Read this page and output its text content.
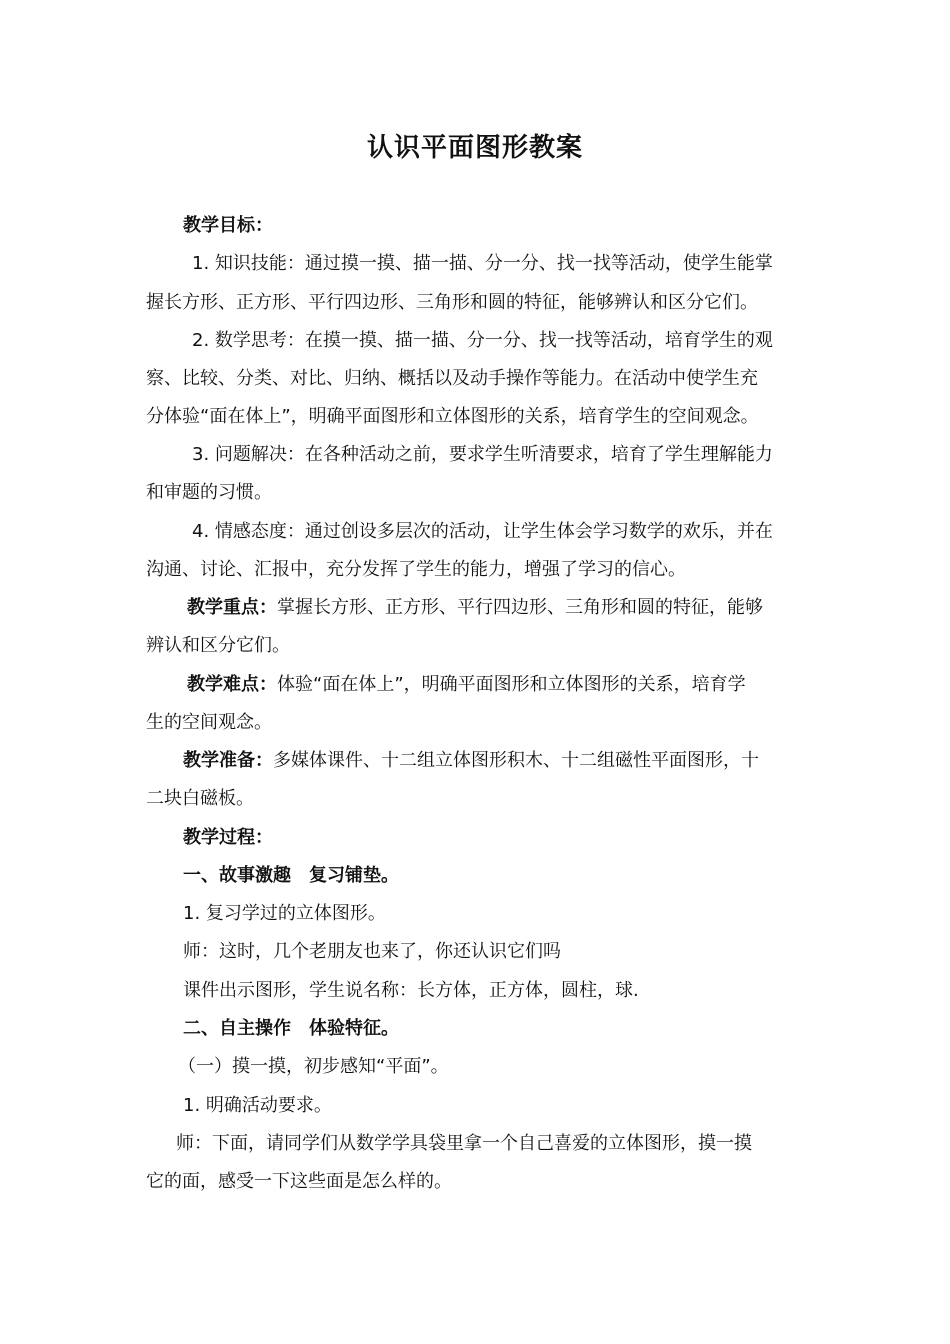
认识平面图形教案
教学目标：
1. 知识技能：通过摸一摸、描一描、分一分、找一找等活动，使学生能掌
握长方形、正方形、平行四边形、三角形和圆的特征，能够辨认和区分它们。
2. 数学思考：在摸一摸、描一描、分一分、找一找等活动，培育学生的观
察、比较、分类、对比、归纳、概括以及动手操作等能力。在活动中使学生充
分体验“面在体上”，明确平面图形和立体图形的关系，培育学生的空间观念。
3. 问题解决：在各种活动之前，要求学生听清要求，培育了学生理解能力
和审题的习惯。
4. 情感态度：通过创设多层次的活动，让学生体会学习数学的欢乐，并在
沟通、讨论、汇报中，充分发挥了学生的能力，增强了学习的信心。
教学重点：掌握长方形、正方形、平行四边形、三角形和圆的特征，能够
辨认和区分它们。
教学难点：体验“面在体上”，明确平面图形和立体图形的关系，培育学
生的空间观念。
教学准备：多媒体课件、十二组立体图形积木、十二组磁性平面图形，十
二块白磁板。
教学过程：
一、故事激趣　复习铺垫。
1. 复习学过的立体图形。
师：这时，几个老朋友也来了，你还认识它们吗
课件出示图形，学生说名称：长方体，正方体，圆柱，球.
二、自主操作　体验特征。
（一）摸一摸，初步感知“平面”。
1. 明确活动要求。
师：下面，请同学们从数学学具袋里拿一个自己喜爱的立体图形，摸一摸
它的面，感受一下这些面是怎么样的。
